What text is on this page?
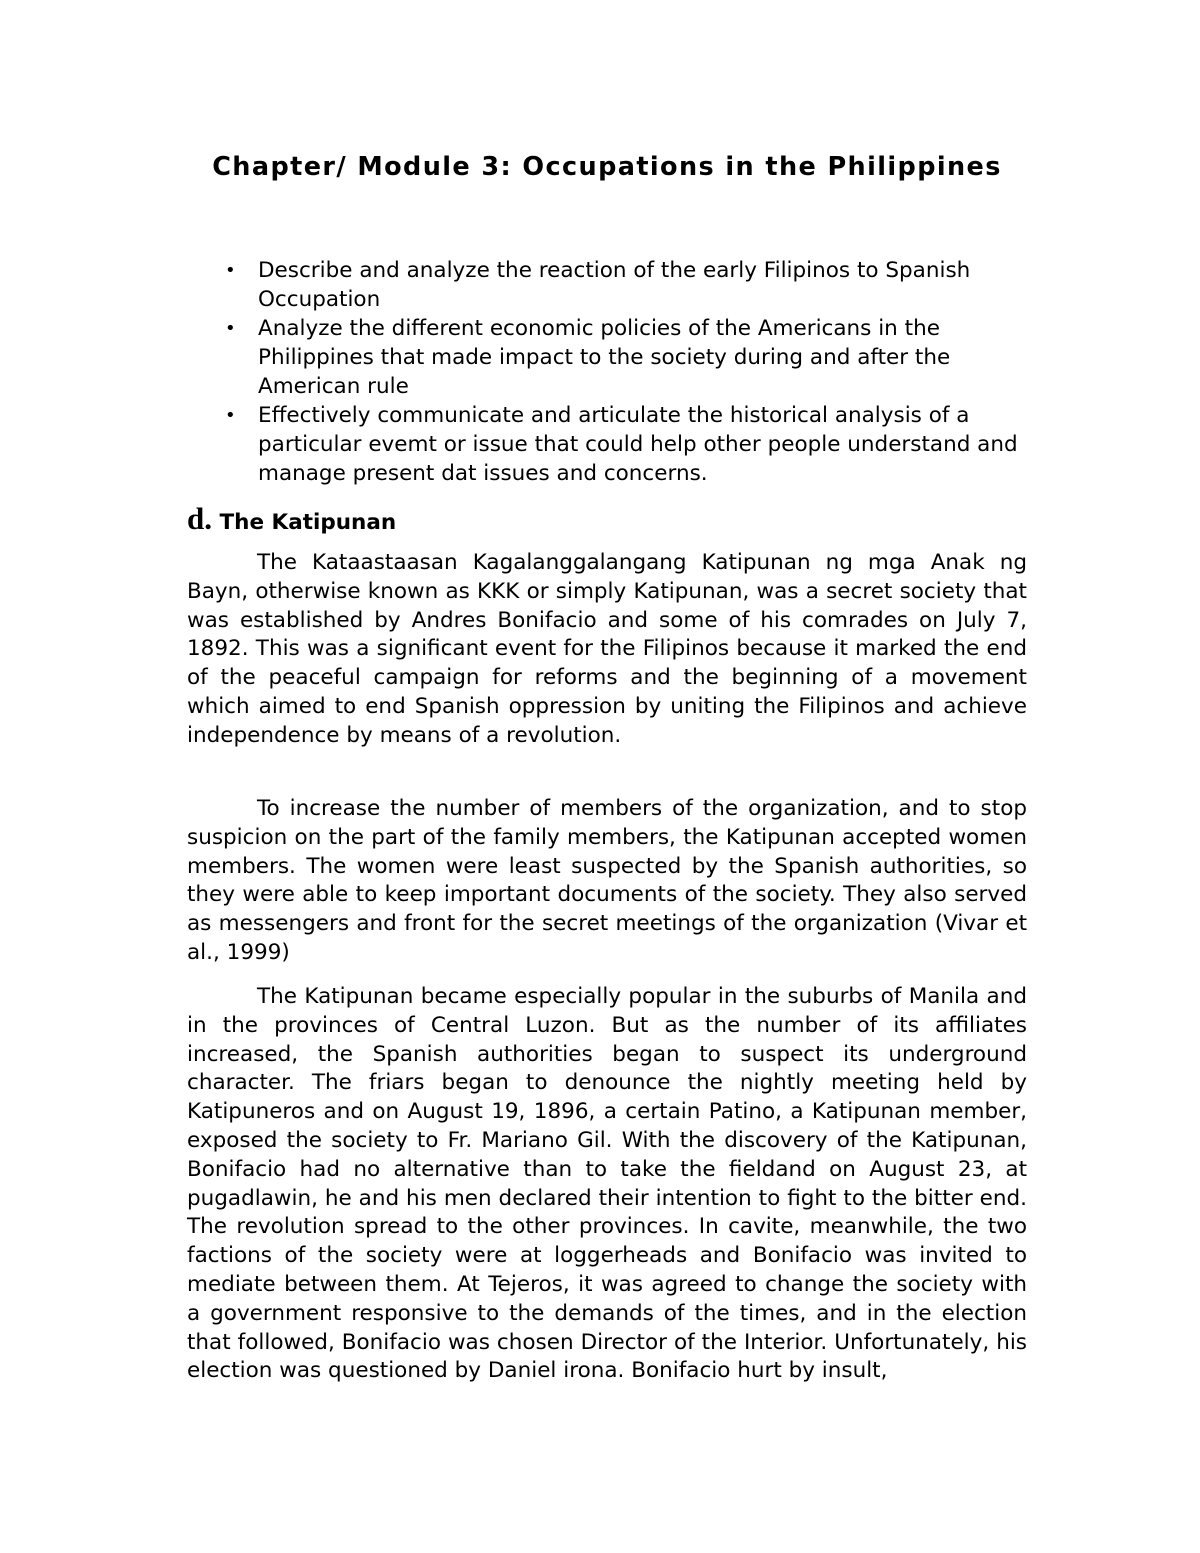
Chapter/ Module 3: Occupations in the Philippines
• Describe and analyze the reaction of the early Filipinos to Spanish Occupation
• Analyze the different economic policies of the Americans in the Philippines that made impact to the society during and after the American rule
• Effectively communicate and articulate the historical analysis of a particular evemt or issue that could help other people understand and manage present dat issues and concerns.
d. The Katipunan

The Kataastaasan Kagalanggalangang Katipunan ng mga Anak ng Bayn, otherwise known as KKK or simply Katipunan, was a secret society that was established by Andres Bonifacio and some of his comrades on July 7, 1892. This was a significant event for the Filipinos because it marked the end of the peaceful campaign for reforms and the beginning of a movement which aimed to end Spanish oppression by uniting the Filipinos and achieve independence by means of a revolution.

To increase the number of members of the organization, and to stop suspicion on the part of the family members, the Katipunan accepted women members. The women were least suspected by the Spanish authorities, so they were able to keep important documents of the society. They also served as messengers and front for the secret meetings of the organization (Vivar et al., 1999)

The Katipunan became especially popular in the suburbs of Manila and in the provinces of Central Luzon. But as the number of its affiliates increased, the Spanish authorities began to suspect its underground character. The friars began to denounce the nightly meeting held by Katipuneros and on August 19, 1896, a certain Patino, a Katipunan member, exposed the society to Fr. Mariano Gil. With the discovery of the Katipunan, Bonifacio had no alternative than to take the fieldand on August 23, at pugadlawin, he and his men declared their intention to fight to the bitter end. The revolution spread to the other provinces. In cavite, meanwhile, the two factions of the society were at loggerheads and Bonifacio was invited to mediate between them. At Tejeros, it was agreed to change the society with a government responsive to the demands of the times, and in the election that followed, Bonifacio was chosen Director of the Interior. Unfortunately, his election was questioned by Daniel irona. Bonifacio hurt by insult,
